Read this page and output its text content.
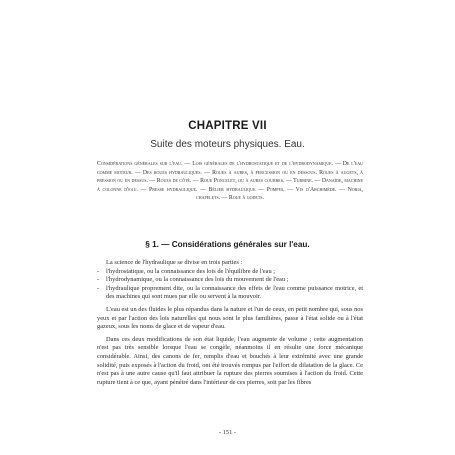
CHAPITRE VII
Suite des moteurs physiques. Eau.
Considérations générales sur l'eau. — Lois générales de l'hydrostatique et de l'hydrodynamique. — De l'eau comme moteur. — Des roues hydrauliques. — Roues à aubes, à percussion ou en dessous. Roues à augets, à pression ou en dessus. — Roues de côté. — Roue Poncelet, ou à aubes courbes. — Turbine. — Danaïde, machine à colonne d'eau. — Presse hydraulique. — Bélier hydraulique — Pompes. — Vis d'Archimède. — Noria, chapelets. — Roue à godets.
§ 1. — Considérations générales sur l'eau.

La science de l'hydraulique se divise en trois parties :

- l'hydrostatique, ou la connaissance des lois de l'équilibre de l'eau ;
- l'hydrodynamique, ou la connaissance des lois du mouvement de l'eau ;
- l'hydraulique proprement dite, ou la connaissance des effets de l'eau comme puissance motrice, et des machines qui sont mues par elle ou servent à la mouvoir.

L'eau est un des fluides le plus répandus dans la nature et l'un de ceux, en petit nombre qui, sous nos yeux et par l'action des lois naturelles qui nous sont le plus familières, passe à l'état solide ou à l'état gazeux, sous les noms de glace et de vapeur d'eau.

Dans ces deux modifications de son état liquide, l'eau augmente de volume ; cette augmentation n'est pas très sensible lorsque l'eau se congèle, néanmoins il en résulte une force mécanique considérable. Ainsi, des canons de fer, remplis d'eau et bouchés à leur extrémité avec une grande solidité, puis exposés à l'action du froid, ont été trouvés rompus par l'effort de dilatation de la glace. Ce n'est pas à une autre cause qu'il faut attribuer la rupture des pierres soumises à l'action du froid. Cette rupture tient à ce que, ayant pénétré dans l'intérieur de ces pierres, soit par les fibres

- 151 -
